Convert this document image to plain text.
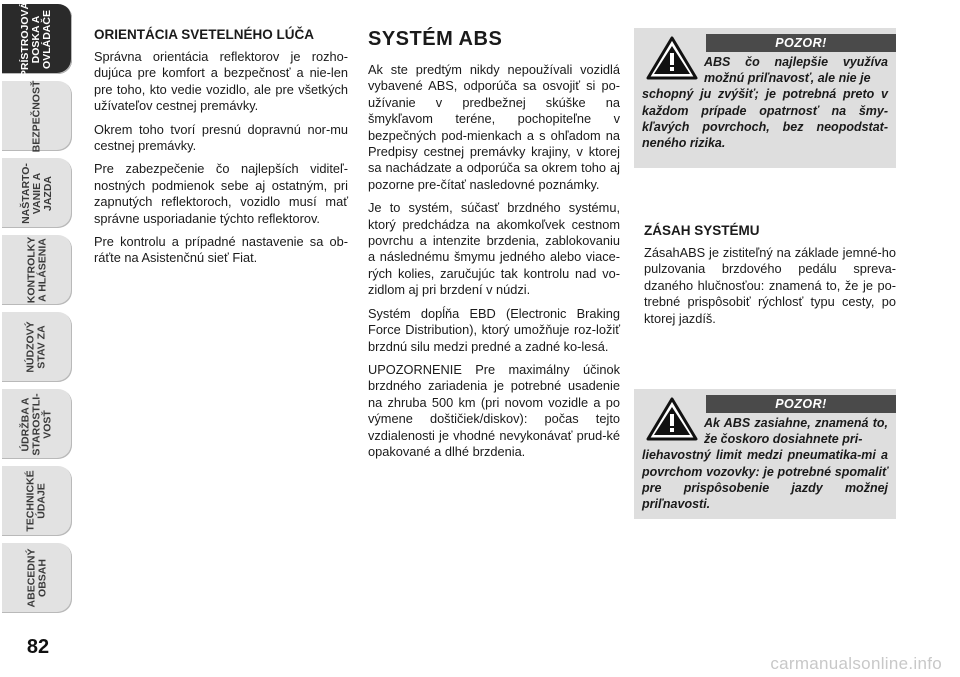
PRÍSTROJOVÁ
DOSKA A
OVLÁDAČE
BEZPEČNOSŤ
NAŠTARTO-
VANIE A
JAZDA
KONTROLKY
A HLÁSENIA
NÚDZOVÝ
STAV ZA
ÚDRŽBA A
STAROSTLI-
VOSŤ
TECHNICKÉ
ÚDAJE
ABECEDNÝ
OBSAH
82
ORIENTÁCIA SVETELNÉHO LÚČA

Správna orientácia reflektorov je rozho-dujúca pre komfort a bezpečnosť a nie-len pre toho, kto vedie vozidlo, ale pre všetkých užívateľov cestnej premávky.

Okrem toho tvorí presnú dopravnú nor-mu cestnej premávky.

Pre zabezpečenie čo najlepších viditeľ-nostných podmienok sebe aj ostatným, pri zapnutých reflektoroch, vozidlo musí mať správne usporiadanie týchto reflektorov.

Pre kontrolu a prípadné nastavenie sa ob-ráťte na Asistenčnú sieť Fiat.

SYSTÉM ABS

Ak ste predtým nikdy nepoužívali vozidlá vybavené ABS, odporúča sa osvojiť si po-užívanie v predbežnej skúške na šmykľavom teréne, pochopiteľne v bezpečných pod-mienkach a s ohľadom na Predpisy cestnej premávky krajiny, v ktorej sa nachádzate a odporúča sa okrem toho aj pozorne pre-čítať nasledovné poznámky.

Je to systém, súčasť brzdného systému, ktorý predchádza na akomkoľvek cestnom povrchu a intenzite brzdenia, zablokovaniu a následnému šmymu jedného alebo viace-rých kolies, zaručujúc tak kontrolu nad vo-zidlom aj pri brzdení v núdzi.

Systém dopĺňa EBD (Electronic Braking Force Distribution), ktorý umožňuje roz-ložiť brzdnú silu medzi predné a zadné ko-lesá.

UPOZORNENIE Pre maximálny účinok brzdného zariadenia je potrebné usadenie na zhruba 500 km (pri novom vozidle a po výmene doštičiek/diskov): počas tejto vzdialenosti je vhodné nevykonávať prud-ké opakované a dlhé brzdenia.

POZOR!
ABS čo najlepšie využíva možnú priľnavosť, ale nie je
schopný ju zvýšiť; je potrebná preto v každom prípade opatrnosť na šmy-kľavých povrchoch, bez neopodstat-neného rizika.
ZÁSAH SYSTÉMU

ZásahABS je zistiteľný na základe jemné-ho pulzovania brzdového pedálu spreva-dzaného hlučnosťou: znamená to, že je po-trebné prispôsobiť rýchlosť typu cesty, po ktorej jazdíš.

POZOR!
Ak ABS zasiahne, znamená to, že čoskoro dosiahnete pri-
liehavostný limit medzi pneumatika-mi a povrchom vozovky: je potrebné spomaliť pre prispôsobenie jazdy možnej priľnavosti.
carmanualsonline.info
